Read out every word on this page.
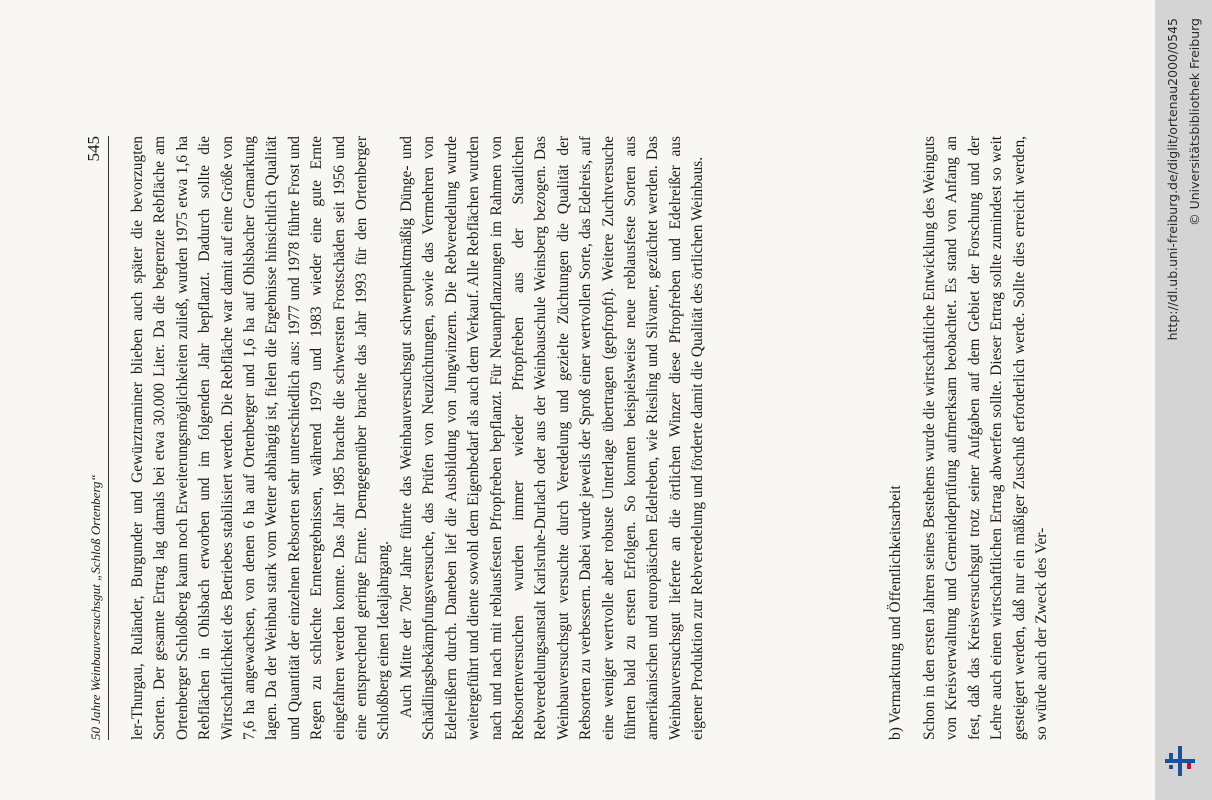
50 Jahre Weinbauversuchsgut „Schloß Ortenberg“
545 ler-Thurgau, Ruländer, Burgunder und Gewürztraminer blieben auch später die bevorzugten Sorten. Der gesamte Ertrag lag damals bei etwa 30.000 Liter. Da die begrenzte Rebfläche am Ortenberger Schloßberg kaum noch Erweiterungsmöglichkeiten zuließ, wurden 1975 etwa 1,6 ha Rebflächen in Ohlsbach erworben und im folgenden Jahr bepflanzt. Dadurch sollte die Wirtschaftlichkeit des Betriebes stabilisiert werden. Die Rebfläche war damit auf eine Größe von 7,6 ha angewachsen, von denen 6 ha auf Ortenberger und 1,6 ha auf Ohlsbacher Gemarkung lagen. Da der Weinbau stark vom Wetter abhängig ist, fielen die Ergebnisse hinsichtlich Qualität und Quantität der einzelnen Rebsorten sehr unterschiedlich aus: 1977 und 1978 führte Frost und Regen zu schlechte Ernteergebnissen, während 1979 und 1983 wieder eine gute Ernte eingefahren werden konnte. Das Jahr 1985 brachte die schwersten Frostschäden seit 1956 und eine entsprechend geringe Ernte. Demgegenüber brachte das Jahr 1993 für den Ortenberger Schloßberg einen Idealjahrgang. Auch Mitte der 70er Jahre führte das Weinbauversuchsgut schwerpunktmäßig Dünge- und Schädlingsbekämpfungsversuche, das Prüfen von Neuzüchtungen, sowie das Vermehren von Edelreißern durch. Daneben lief die Ausbildung von Jungwinzern. Die Rebveredelung wurde weitergeführt und diente sowohl dem Eigenbedarf als auch dem Verkauf. Alle Rebflächen wurden nach und nach mit reblausfesten Pfropfreben bepflanzt. Für Neuanpflanzungen im Rahmen von Rebsortenversuchen wurden immer wieder Pfropfreben aus der Staatlichen Rebveredelungsanstalt Karlsruhe-Durlach oder aus der Weinbauschule Weinsberg bezogen. Das Weinbauversuchsgut versuchte durch Veredelung und gezielte Züchtungen die Qualität der Rebsorten zu verbessern. Dabei wurde jeweils der Sproß einer wertvollen Sorte, das Edelreis, auf eine weniger wertvolle aber robuste Unterlage übertragen (gepfropft). Weitere Zuchtversuche führten bald zu ersten Erfolgen. So konnten beispielsweise neue reblausfeste Sorten aus amerikanischen und europäischen Edelreben, wie Riesling und Silvaner, gezüchtet werden. Das Weinbauversuchsgut lieferte an die örtlichen Winzer diese Pfropfreben und Edelreißer aus eigener Produktion zur Rebveredelung und förderte damit die Qualität des örtlichen Weinbaus.	b) Vermarktung und Öffentlichkeitsarbeit Schon in den ersten Jahren seines Bestehens wurde die wirtschaftliche Entwicklung des Weinguts von Kreisverwaltung und Gemeindeprüfung aufmerksam beobachtet. Es stand von Anfang an fest, daß das Kreisversuchsgut trotz seiner Aufgaben auf dem Gebiet der Forschung und der Lehre auch einen wirtschaftlichen Ertrag abwerfen sollte. Dieser Ertrag sollte zumindest so weit gesteigert werden, daß nur ein mäßiger Zuschuß erforderlich werde. Sollte dies erreicht werden, so würde auch der Zweck des Ver-

http://dl.ub.uni-freiburg.de/diglit/ortenau2000/0545 © Universitätsbibliothek Freiburg
